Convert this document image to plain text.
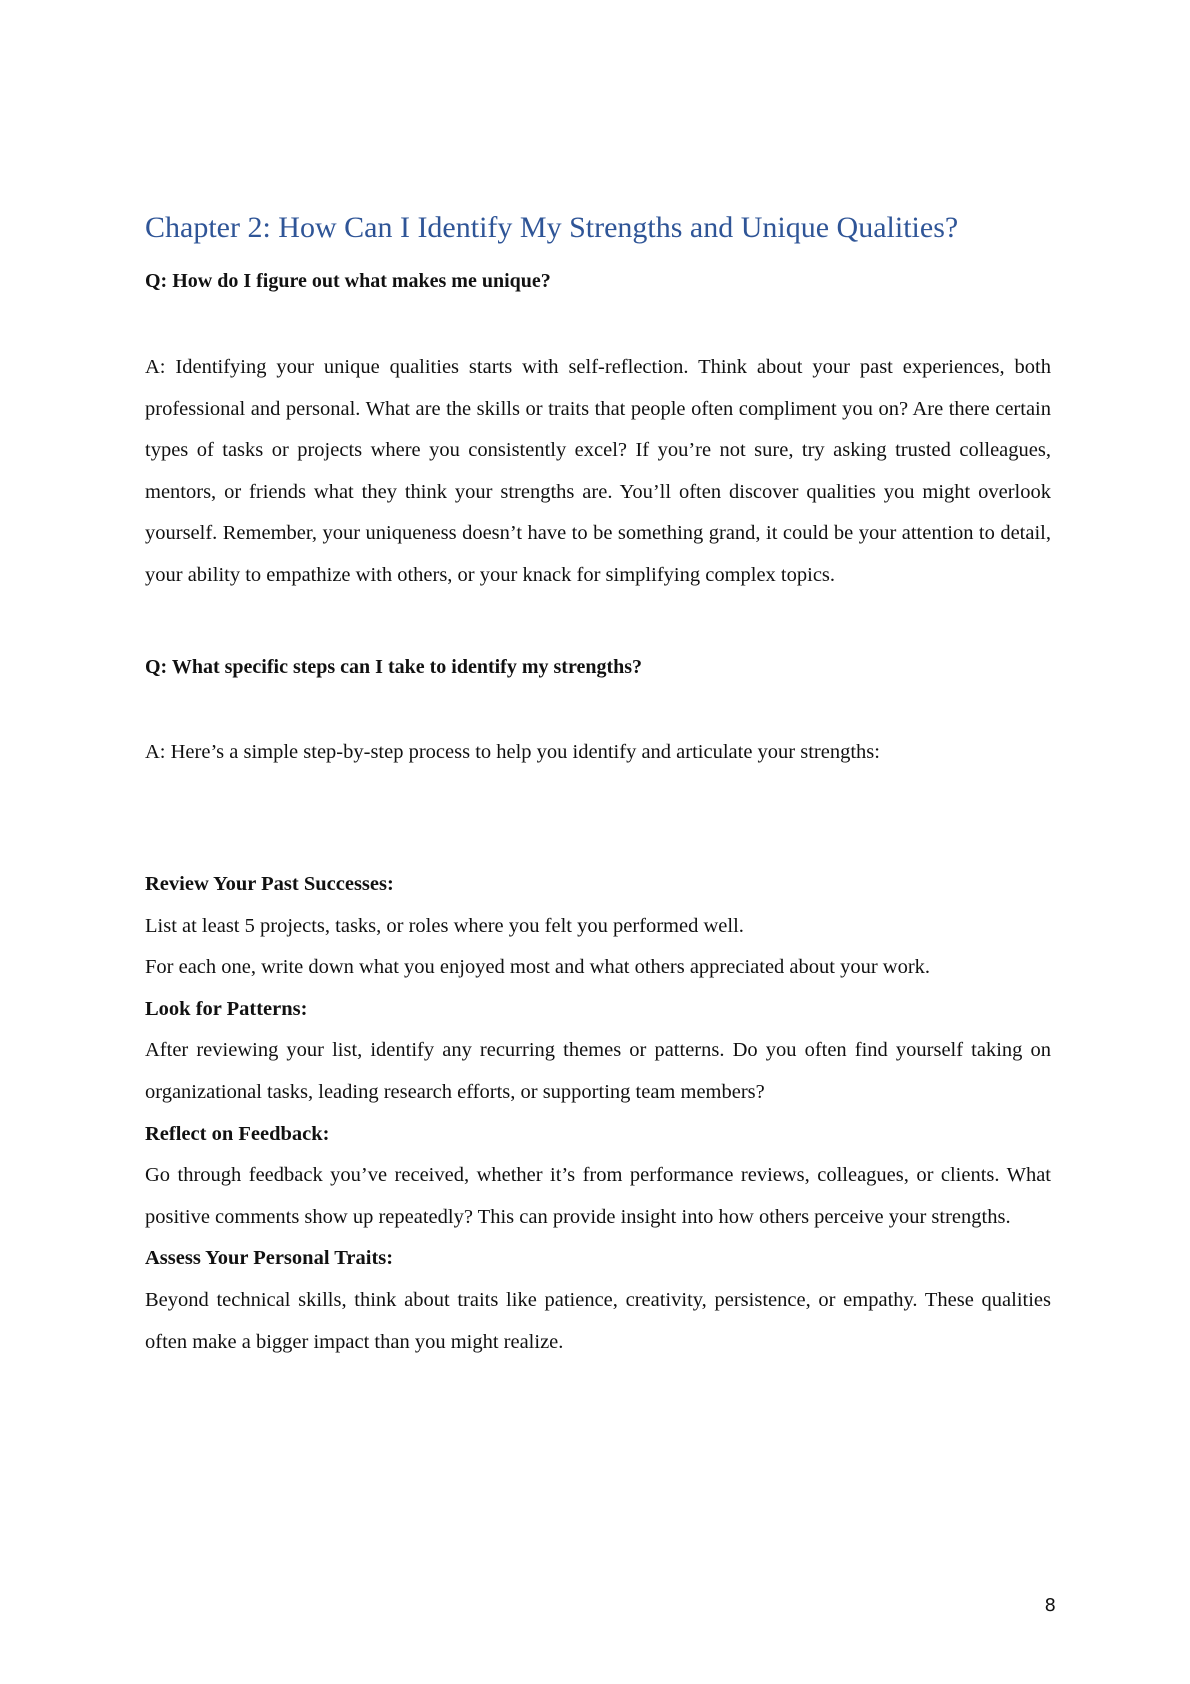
Chapter 2: How Can I Identify My Strengths and Unique Qualities?

Q: How do I figure out what makes me unique?

A: Identifying your unique qualities starts with self-reflection. Think about your past experiences, both professional and personal. What are the skills or traits that people often compliment you on? Are there certain types of tasks or projects where you consistently excel? If you’re not sure, try asking trusted colleagues, mentors, or friends what they think your strengths are. You’ll often discover qualities you might overlook yourself. Remember, your uniqueness doesn’t have to be something grand, it could be your attention to detail, your ability to empathize with others, or your knack for simplifying complex topics.

Q: What specific steps can I take to identify my strengths?

A: Here’s a simple step-by-step process to help you identify and articulate your strengths:

Review Your Past Successes:

List at least 5 projects, tasks, or roles where you felt you performed well.

For each one, write down what you enjoyed most and what others appreciated about your work.

Look for Patterns:

After reviewing your list, identify any recurring themes or patterns. Do you often find yourself taking on organizational tasks, leading research efforts, or supporting team members?

Reflect on Feedback:

Go through feedback you’ve received, whether it’s from performance reviews, colleagues, or clients. What positive comments show up repeatedly? This can provide insight into how others perceive your strengths.

Assess Your Personal Traits:

Beyond technical skills, think about traits like patience, creativity, persistence, or empathy. These qualities often make a bigger impact than you might realize.

8
